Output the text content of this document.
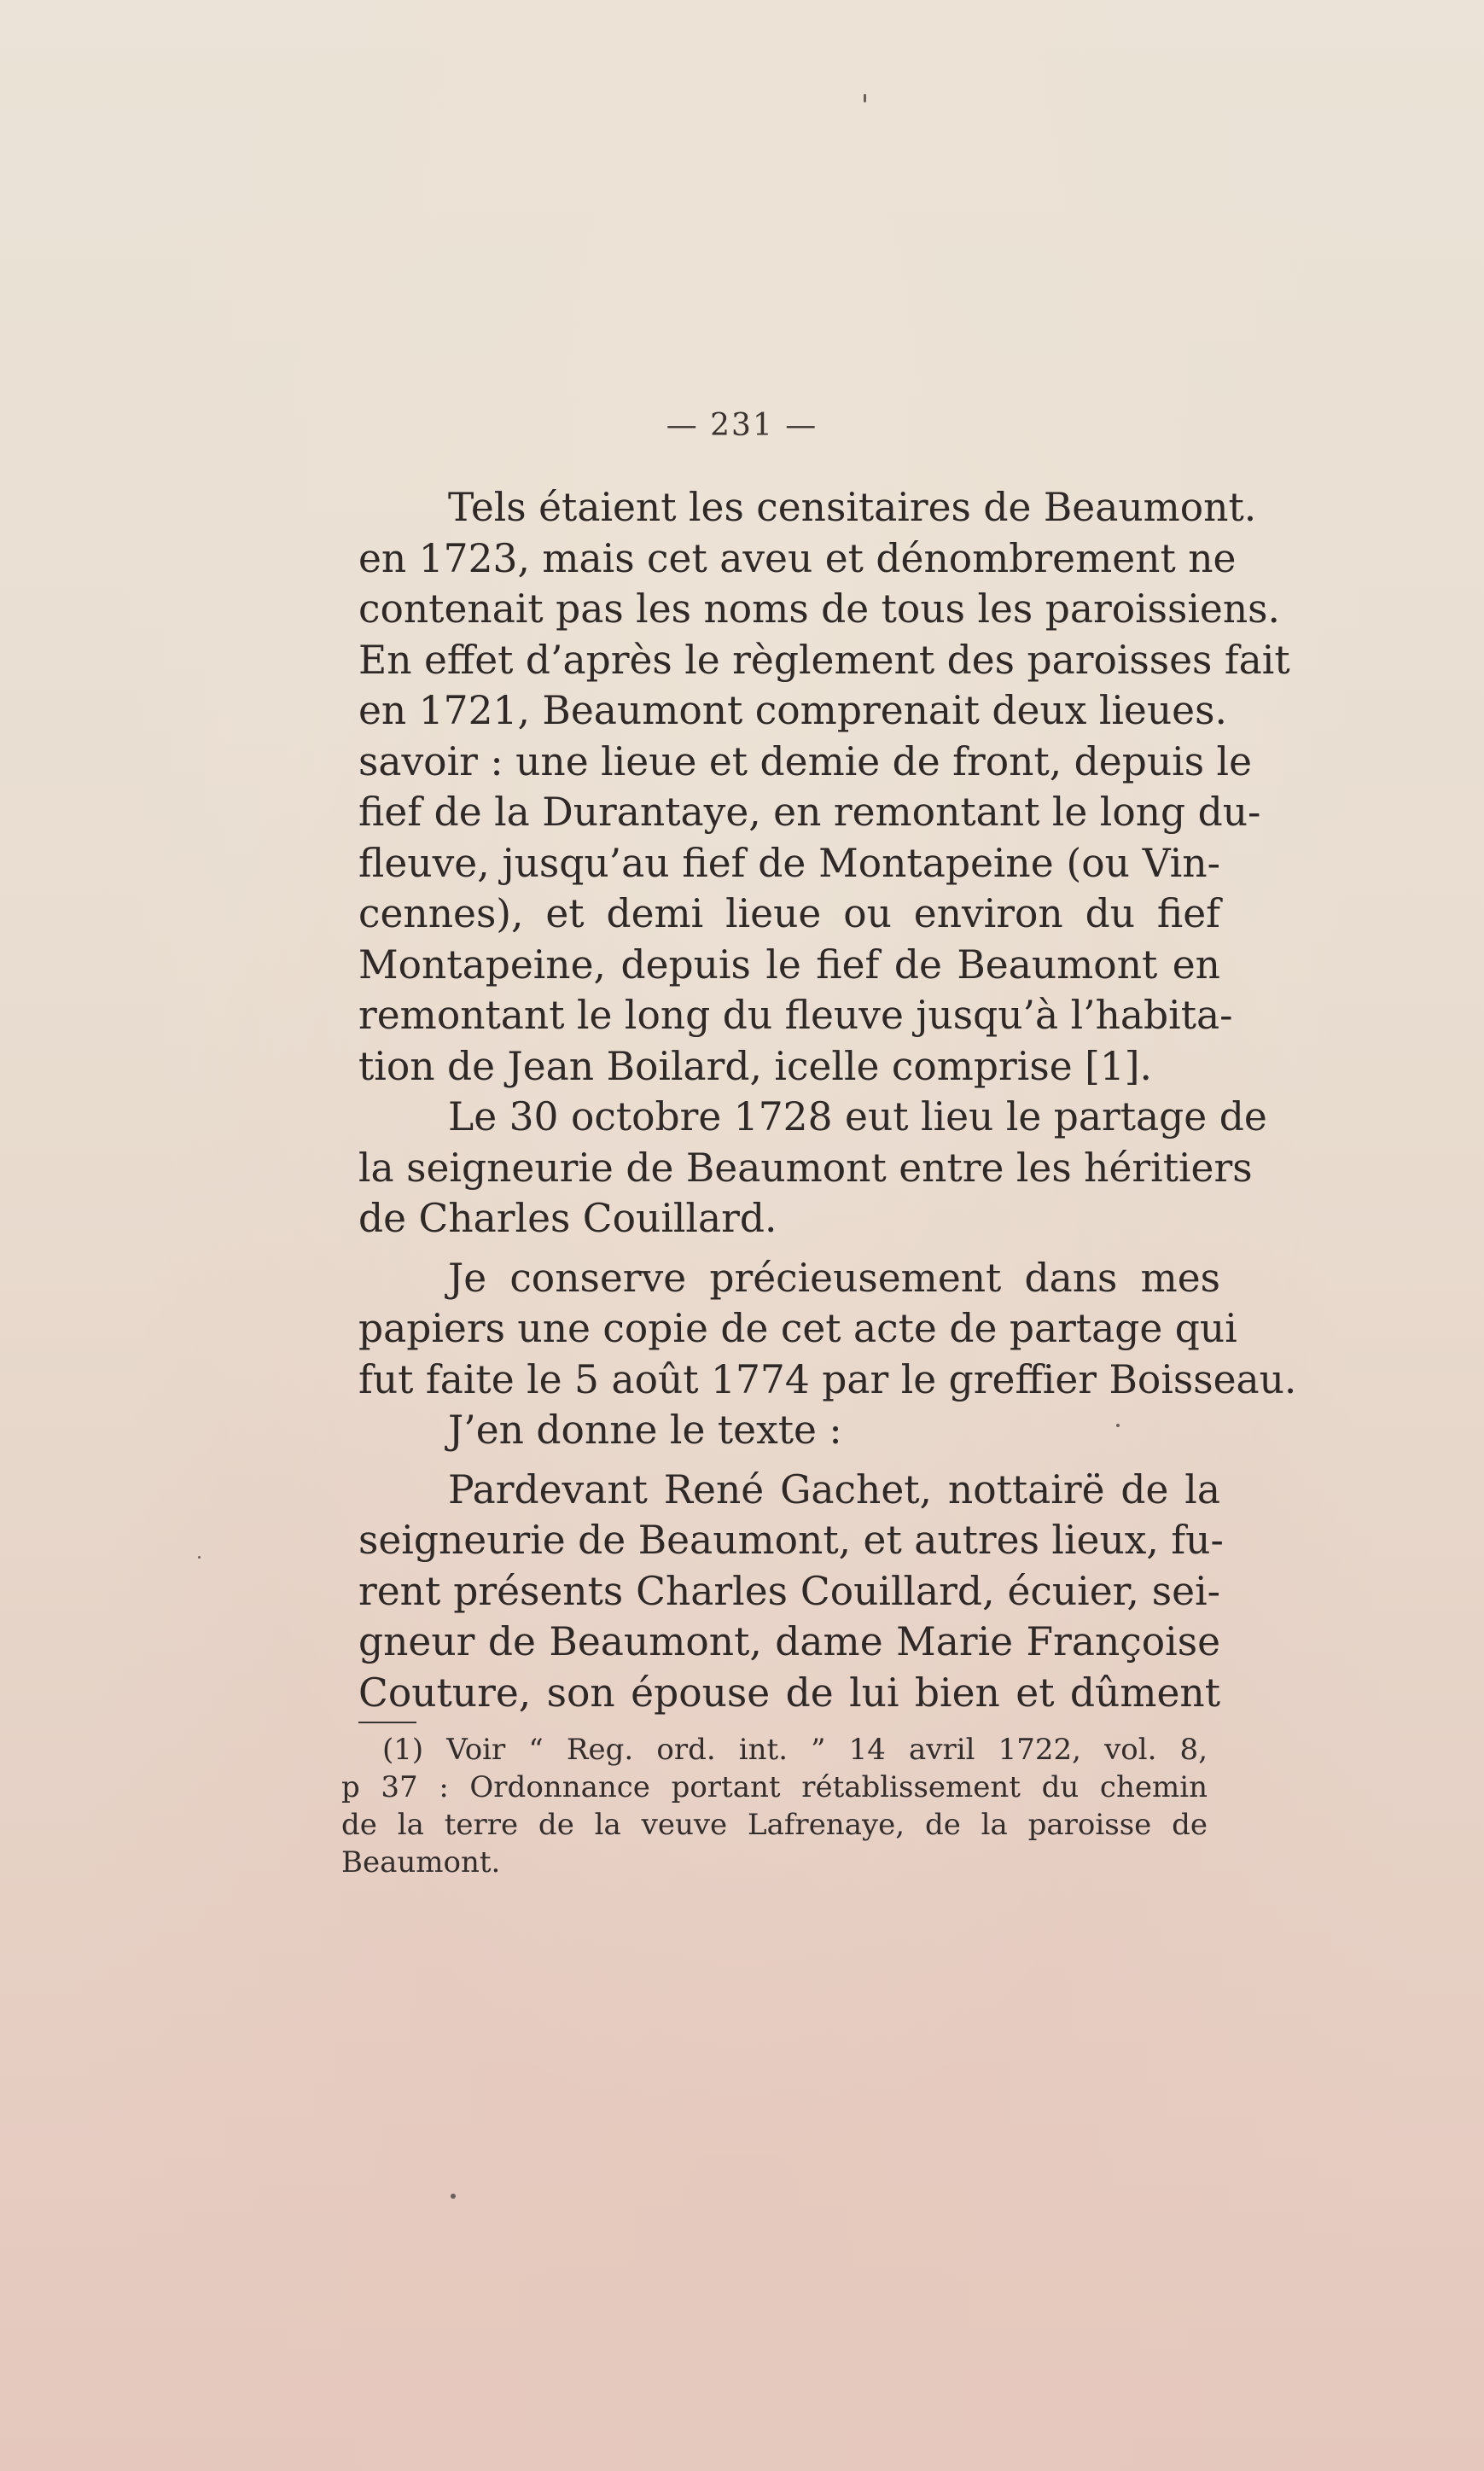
— 231 —
Tels étaient les censitaires de Beaumont.
en 1723, mais cet aveu et dénombrement ne
contenait pas les noms de tous les paroissiens.
En effet d’après le règlement des paroisses fait
en 1721, Beaumont comprenait deux lieues.
savoir : une lieue et demie de front, depuis le
fief de la Durantaye, en remontant le long du-
fleuve, jusqu’au fief de Montapeine (ou Vin-
cennes), et demi lieue ou environ du fief
Montapeine, depuis le fief de Beaumont en
remontant le long du fleuve jusqu’à l’habita-
tion de Jean Boilard, icelle comprise [1].
Le 30 octobre 1728 eut lieu le partage de
la seigneurie de Beaumont entre les héritiers
de Charles Couillard.
Je conserve précieusement dans mes
papiers une copie de cet acte de partage qui
fut faite le 5 août 1774 par le greffier Boisseau.
J’en donne le texte :
Pardevant René Gachet, nottairë de la
seigneurie de Beaumont, et autres lieux, fu-
rent présents Charles Couillard, écuier, sei-
gneur de Beaumont, dame Marie Françoise
Couture, son épouse de lui bien et dûment
(1) Voir “ Reg. ord. int. ” 14 avril 1722, vol. 8,
p 37 : Ordonnance portant rétablissement du chemin
de la terre de la veuve Lafrenaye, de la paroisse de
Beaumont.
